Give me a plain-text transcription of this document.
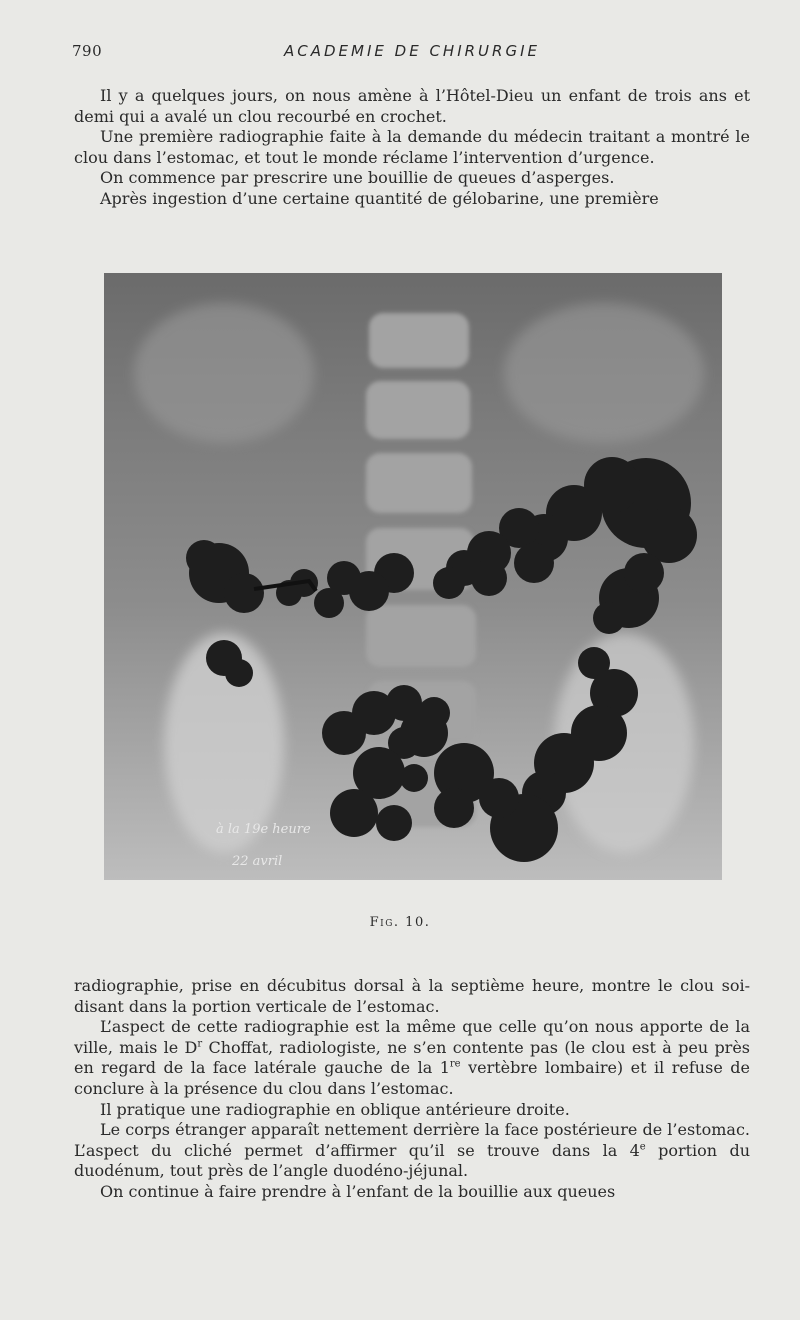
790	ACADEMIE DE CHIRURGIE

Il y a quelques jours, on nous amène à l’Hôtel-Dieu un enfant de trois ans et demi qui a avalé un clou recourbé en crochet.

Une première radiographie faite à la demande du médecin traitant a montré le clou dans l’estomac, et tout le monde réclame l’intervention d’urgence.

On commence par prescrire une bouillie de queues d’asperges.

Après ingestion d’une certaine quantité de gélobarine, une première

à la 19e heure
22 avril
Fig. 10.

radiographie, prise en décubitus dorsal à la septième heure, montre le clou soi-disant dans la portion verticale de l’estomac.

L’aspect de cette radiographie est la même que celle qu’on nous apporte de la ville, mais le $D^r$ Choffat, radiologiste, ne s’en contente pas (le clou est à peu près en regard de la face latérale gauche de la 1re vertèbre lombaire) et il refuse de conclure à la présence du clou dans l’estomac.

Il pratique une radiographie en oblique antérieure droite.

Le corps étranger apparaît nettement derrière la face postérieure de l’estomac. L’aspect du cliché permet d’affirmer qu’il se trouve dans la 4e portion du duodénum, tout près de l’angle duodéno-jéjunal.

On continue à faire prendre à l’enfant de la bouillie aux queues
